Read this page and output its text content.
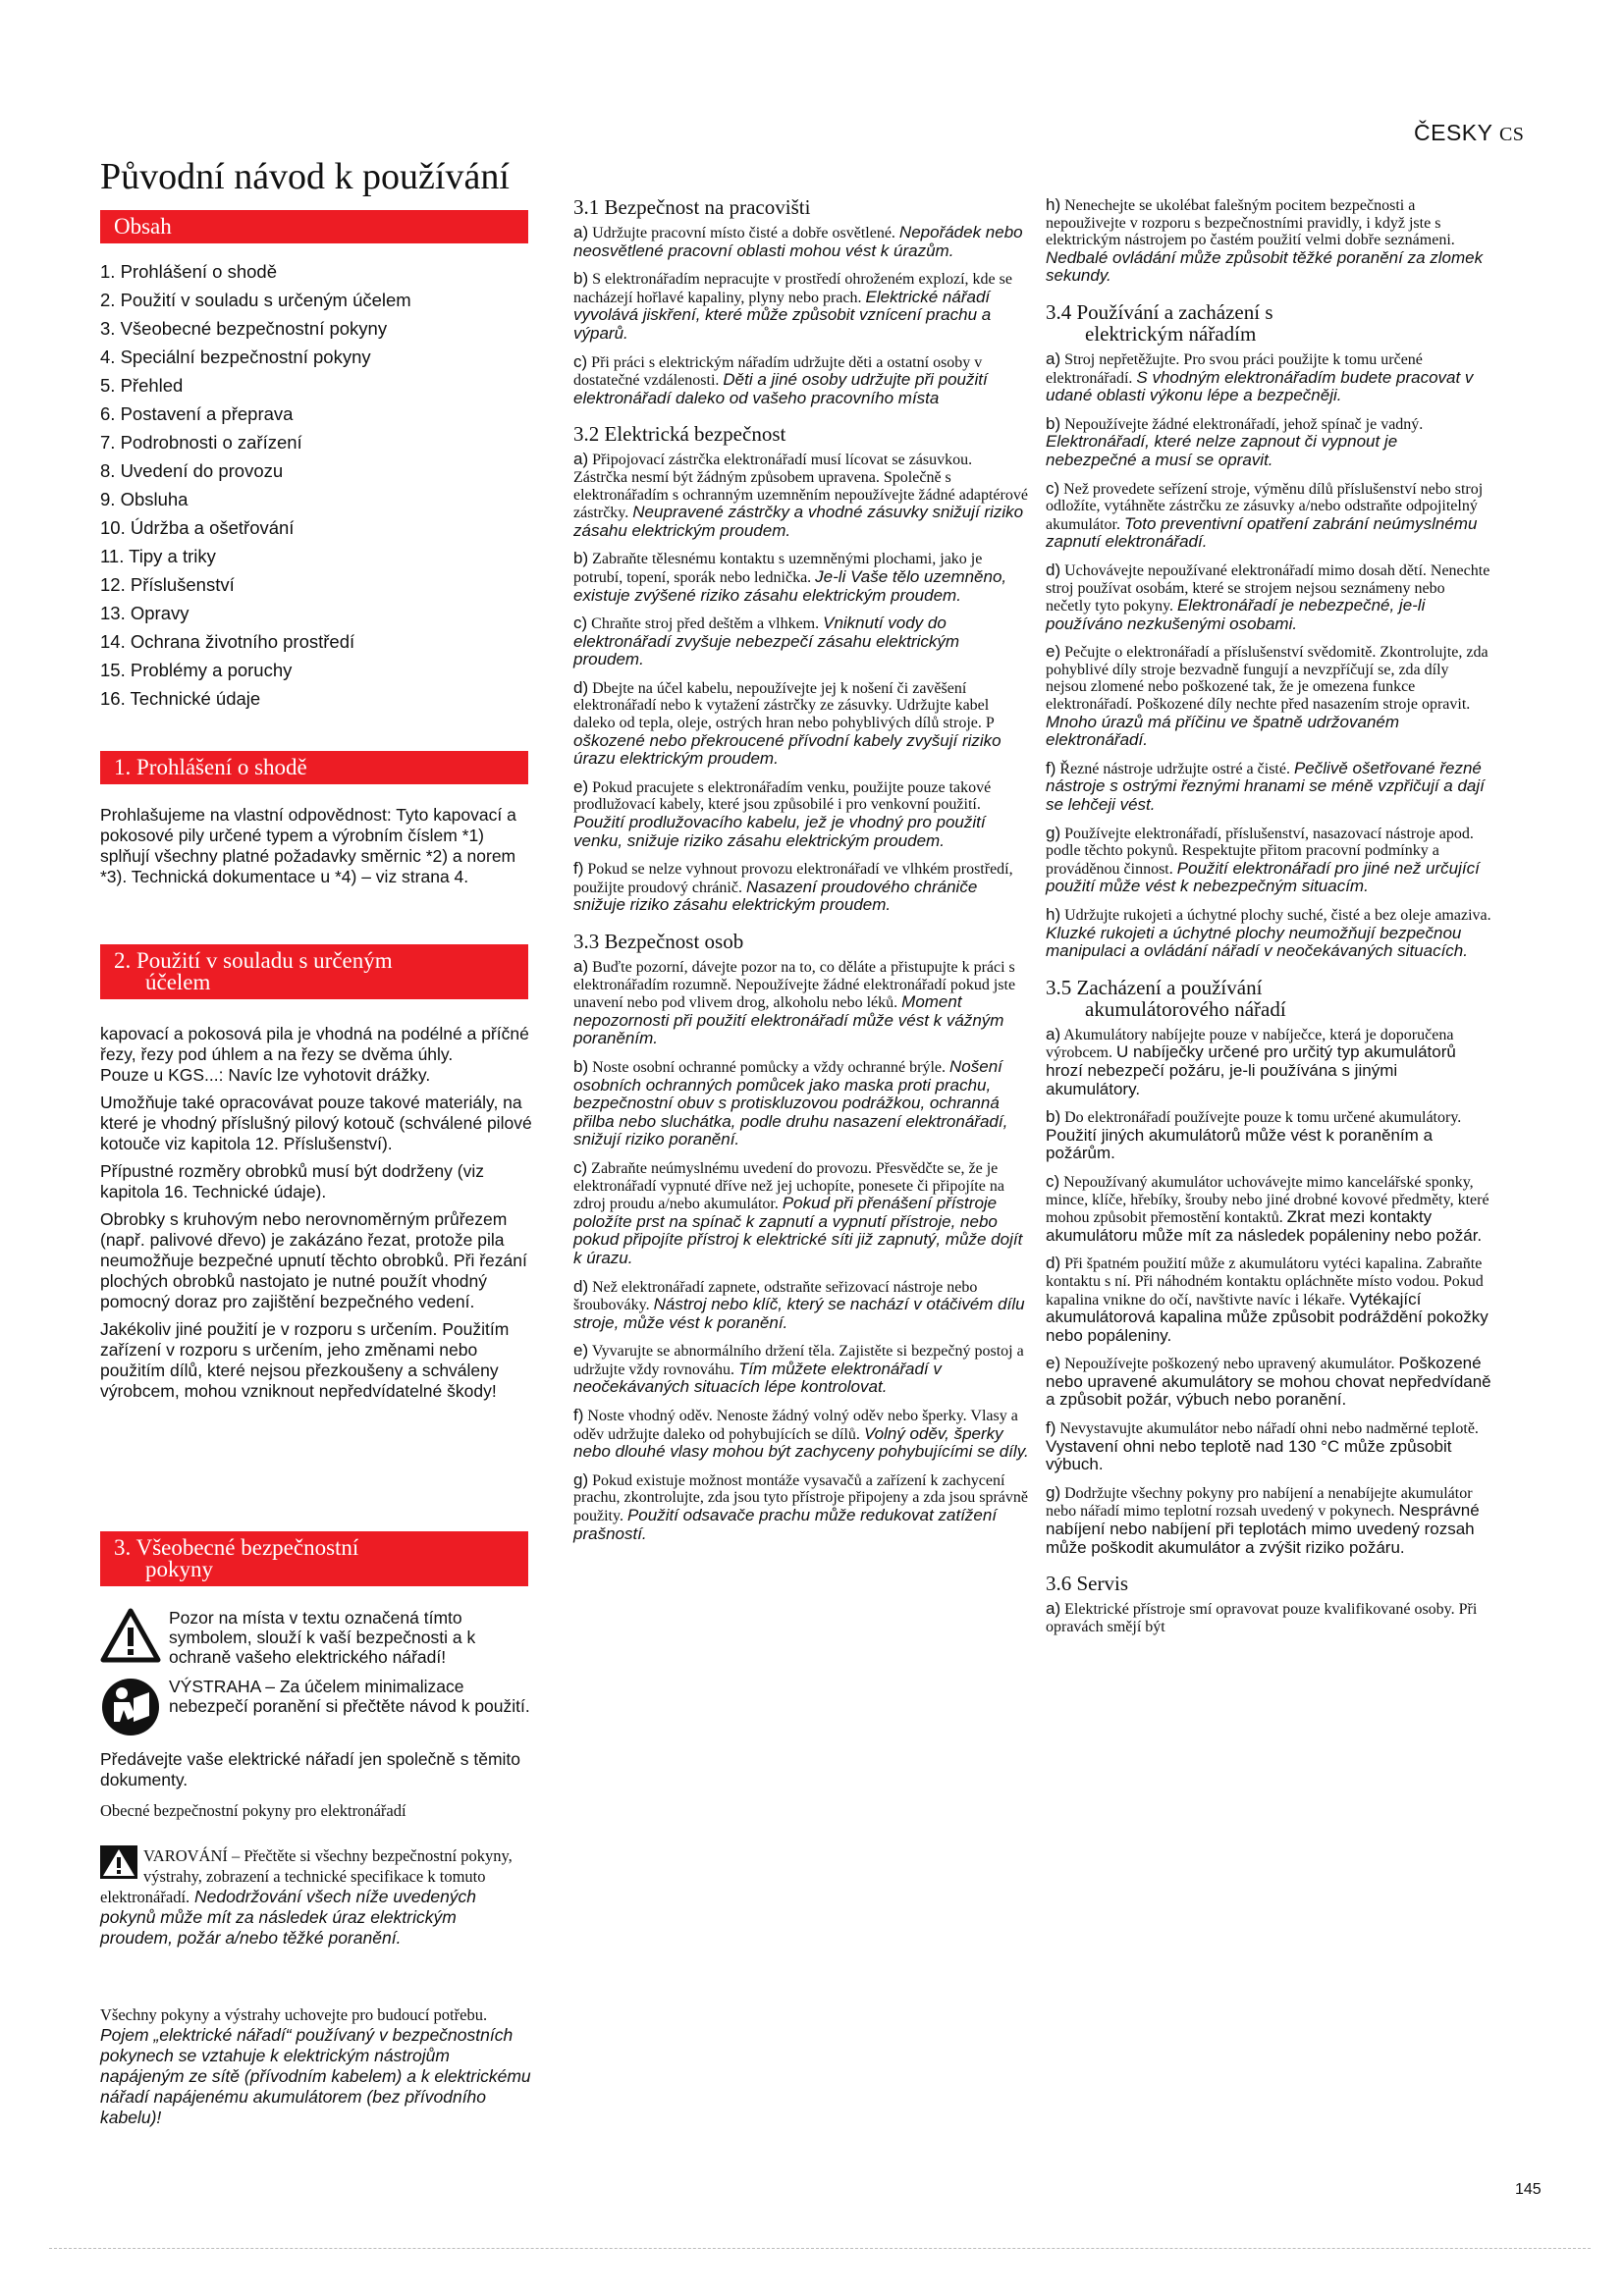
ČESKY CS
Původní návod k používání
Obsah
1. Prohlášení o shodě
2. Použití v souladu s určeným účelem
3. Všeobecné bezpečnostní pokyny
4. Speciální bezpečnostní pokyny
5. Přehled
6. Postavení a přeprava
7. Podrobnosti o zařízení
8. Uvedení do provozu
9. Obsluha
10. Údržba a ošetřování
11. Tipy a triky
12. Příslušenství
13. Opravy
14. Ochrana životního prostředí
15. Problémy a poruchy
16. Technické údaje
1. Prohlášení o shodě
Prohlašujeme na vlastní odpovědnost: Tyto kapovací a pokosové pily určené typem a výrobním číslem *1) splňují všechny platné požadavky směrnic *2) a norem *3). Technická dokumentace u *4) – viz strana 4.
2. Použití v souladu s určeným
účelem
kapovací a pokosová pila je vhodná na podélné a příčné řezy, řezy pod úhlem a na řezy se dvěma úhly.
Pouze u KGS...: Navíc lze vyhotovit drážky.
Umožňuje také opracovávat pouze takové materiály, na které je vhodný příslušný pilový kotouč (schválené pilové kotouče viz kapitola 12. Příslušenství).
Přípustné rozměry obrobků musí být dodrženy (viz kapitola 16. Technické údaje).
Obrobky s kruhovým nebo nerovnoměrným průřezem (např. palivové dřevo) je zakázáno řezat, protože pila neumožňuje bezpečné upnutí těchto obrobků. Při řezání plochých obrobků nastojato je nutné použít vhodný pomocný doraz pro zajištění bezpečného vedení.
Jakékoliv jiné použití je v rozporu s určením. Použitím zařízení v rozporu s určením, jeho změnami nebo použitím dílů, které nejsou přezkoušeny a schváleny výrobcem, mohou vzniknout nepředvídatelné škody!
3. Všeobecné bezpečnostní
pokyny
Pozor na místa v textu označená tímto symbolem, slouží k vaší bezpečnosti a k ochraně vašeho elektrického nářadí!
VÝSTRAHA – Za účelem minimalizace nebezpečí poranění si přečtěte návod k použití.
Předávejte vaše elektrické nářadí jen společně s těmito dokumenty.
Obecné bezpečnostní pokyny pro elektronářadí
VAROVÁNÍ – Přečtěte si všechny bezpečnostní pokyny, výstrahy, zobrazení a technické specifikace k tomuto elektronářadí. Nedodržování všech níže uvedených pokynů může mít za následek úraz elektrickým proudem, požár a/nebo těžké poranění.
Všechny pokyny a výstrahy uchovejte pro budoucí potřebu. Pojem „elektrické nářadí“ používaný v bezpečnostních pokynech se vztahuje k elektrickým nástrojům napájeným ze sítě (přívodním kabelem) a k elektrickému nářadí napájenému akumulátorem (bez přívodního kabelu)!
3.1 Bezpečnost na pracovišti
a) Udržujte pracovní místo čisté a dobře osvětlené. Nepořádek nebo neosvětlené pracovní oblasti mohou vést k úrazům.
b) S elektronářadím nepracujte v prostředí ohroženém explozí, kde se nacházejí hořlavé kapaliny, plyny nebo prach. Elektrické nářadí vyvolává jiskření, které může způsobit vznícení prachu a výparů.
c) Při práci s elektrickým nářadím udržujte děti a ostatní osoby v dostatečné vzdálenosti. Děti a jiné osoby udržujte při použití elektronářadí daleko od vašeho pracovního místa
3.2 Elektrická bezpečnost
a) Připojovací zástrčka elektronářadí musí lícovat se zásuvkou. Zástrčka nesmí být žádným způsobem upravena. Společně s elektronářadím s ochranným uzemněním nepoužívejte žádné adaptérové zástrčky. Neupravené zástrčky a vhodné zásuvky snižují riziko zásahu elektrickým proudem.
b) Zabraňte tělesnému kontaktu s uzemněnými plochami, jako je potrubí, topení, sporák nebo lednička. Je-li Vaše tělo uzemněno, existuje zvýšené riziko zásahu elektrickým proudem.
c) Chraňte stroj před deštěm a vlhkem. Vniknutí vody do elektronářadí zvyšuje nebezpečí zásahu elektrickým proudem.
d) Dbejte na účel kabelu, nepoužívejte jej k nošení či zavěšení elektronářadí nebo k vytažení zástrčky ze zásuvky. Udržujte kabel daleko od tepla, oleje, ostrých hran nebo pohyblivých dílů stroje. P oškozené nebo překroucené přívodní kabely zvyšují riziko úrazu elektrickým proudem.
e) Pokud pracujete s elektronářadím venku, použijte pouze takové prodlužovací kabely, které jsou způsobilé i pro venkovní použití. Použití prodlužovacího kabelu, jež je vhodný pro použití venku, snižuje riziko zásahu elektrickým proudem.
f) Pokud se nelze vyhnout provozu elektronářadí ve vlhkém prostředí, použijte proudový chránič. Nasazení proudového chrániče snižuje riziko zásahu elektrickým proudem.
3.3 Bezpečnost osob
a) Buďte pozorní, dávejte pozor na to, co děláte a přistupujte k práci s elektronářadím rozumně. Nepoužívejte žádné elektronářadí pokud jste unavení nebo pod vlivem drog, alkoholu nebo léků. Moment nepozornosti při použití elektronářadí může vést k vážným poraněním.
b) Noste osobní ochranné pomůcky a vždy ochranné brýle. Nošení osobních ochranných pomůcek jako maska proti prachu, bezpečnostní obuv s protiskluzovou podrážkou, ochranná přilba nebo sluchátka, podle druhu nasazení elektronářadí, snižují riziko poranění.
c) Zabraňte neúmyslnému uvedení do provozu. Přesvědčte se, že je elektronářadí vypnuté dříve než jej uchopíte, ponesete či připojíte na zdroj proudu a/nebo akumulátor. Pokud při přenášení přístroje položíte prst na spínač k zapnutí a vypnutí přístroje, nebo pokud připojíte přístroj k elektrické síti již zapnutý, může dojít k úrazu.
d) Než elektronářadí zapnete, odstraňte seřizovací nástroje nebo šroubováky. Nástroj nebo klíč, který se nachází v otáčivém dílu stroje, může vést k poranění.
e) Vyvarujte se abnormálního držení těla. Zajistěte si bezpečný postoj a udržujte vždy rovnováhu. Tím můžete elektronářadí v neočekávaných situacích lépe kontrolovat.
f) Noste vhodný oděv. Nenoste žádný volný oděv nebo šperky. Vlasy a oděv udržujte daleko od pohybujících se dílů. Volný oděv, šperky nebo dlouhé vlasy mohou být zachyceny pohybujícími se díly.
g) Pokud existuje možnost montáže vysavačů a zařízení k zachycení prachu, zkontrolujte, zda jsou tyto přístroje připojeny a zda jsou správně použity. Použití odsavače prachu může redukovat zatížení prašností.
h) Nenechejte se ukolébat falešným pocitem bezpečnosti a nepouživejte v rozporu s bezpečnostními pravidly, i když jste s elektrickým nástrojem po častém použití velmi dobře seznámeni. Nedbalé ovládání může způsobit těžké poranění za zlomek sekundy.
3.4 Používání a zacházení s
elektrickým nářadím
a) Stroj nepřetěžujte. Pro svou práci použijte k tomu určené elektronářadí. S vhodným elektronářadím budete pracovat v udané oblasti výkonu lépe a bezpečněji.
b) Nepoužívejte žádné elektronářadí, jehož spínač je vadný. Elektronářadí, které nelze zapnout či vypnout je nebezpečné a musí se opravit.
c) Než provedete seřízení stroje, výměnu dílů příslušenství nebo stroj odložíte, vytáhněte zástrčku ze zásuvky a/nebo odstraňte odpojitelný akumulátor. Toto preventivní opatření zabrání neúmyslnému zapnutí elektronářadí.
d) Uchovávejte nepoužívané elektronářadí mimo dosah dětí. Nenechte stroj používat osobám, které se strojem nejsou seznámeny nebo nečetly tyto pokyny. Elektronářadí je nebezpečné, je-li používáno nezkušenými osobami.
e) Pečujte o elektronářadí a příslušenství svědomitě. Zkontrolujte, zda pohyblivé díly stroje bezvadně fungují a nevzpříčují se, zda díly nejsou zlomené nebo poškozené tak, že je omezena funkce elektronářadí. Poškozené díly nechte před nasazením stroje opravit. Mnoho úrazů má příčinu ve špatně udržovaném elektronářadí.
f) Řezné nástroje udržujte ostré a čisté. Pečlivě ošetřované řezné nástroje s ostrými řeznými hranami se méně vzpřičují a dají se lehčeji vést.
g) Používejte elektronářadí, příslušenství, nasazovací nástroje apod. podle těchto pokynů. Respektujte přitom pracovní podmínky a prováděnou činnost. Použití elektronářadí pro jiné než určující použití může vést k nebezpečným situacím.
h) Udržujte rukojeti a úchytné plochy suché, čisté a bez oleje amaziva. Kluzké rukojeti a úchytné plochy neumožňují bezpečnou manipulaci a ovládání nářadí v neočekávaných situacích.
3.5 Zacházení a používání
akumulátorového nářadí
a) Akumulátory nabíjejte pouze v nabíječce, která je doporučena výrobcem. U nabíječky určené pro určitý typ akumulátorů hrozí nebezpečí požáru, je-li používána s jinými akumulátory.
b) Do elektronářadí používejte pouze k tomu určené akumulátory. Použití jiných akumulátorů může vést k poraněním a požárům.
c) Nepoužívaný akumulátor uchovávejte mimo kancelářské sponky, mince, klíče, hřebíky, šrouby nebo jiné drobné kovové předměty, které mohou způsobit přemostění kontaktů. Zkrat mezi kontakty akumulátoru může mít za následek popáleniny nebo požár.
d) Při špatném použití může z akumulátoru vytéci kapalina. Zabraňte kontaktu s ní. Při náhodném kontaktu opláchněte místo vodou. Pokud kapalina vnikne do očí, navštivte navíc i lékaře. Vytékající akumulátorová kapalina může způsobit podráždění pokožky nebo popáleniny.
e) Nepoužívejte poškozený nebo upravený akumulátor. Poškozené nebo upravené akumulátory se mohou chovat nepředvídaně a způsobit požár, výbuch nebo poranění.
f) Nevystavujte akumulátor nebo nářadí ohni nebo nadměrné teplotě. Vystavení ohni nebo teplotě nad 130 °C může způsobit výbuch.
g) Dodržujte všechny pokyny pro nabíjení a nenabíjejte akumulátor nebo nářadí mimo teplotní rozsah uvedený v pokynech. Nesprávné nabíjení nebo nabíjení při teplotách mimo uvedený rozsah může poškodit akumulátor a zvýšit riziko požáru.
3.6 Servis
a) Elektrické přístroje smí opravovat pouze kvalifikované osoby. Při opravách smějí být
145
